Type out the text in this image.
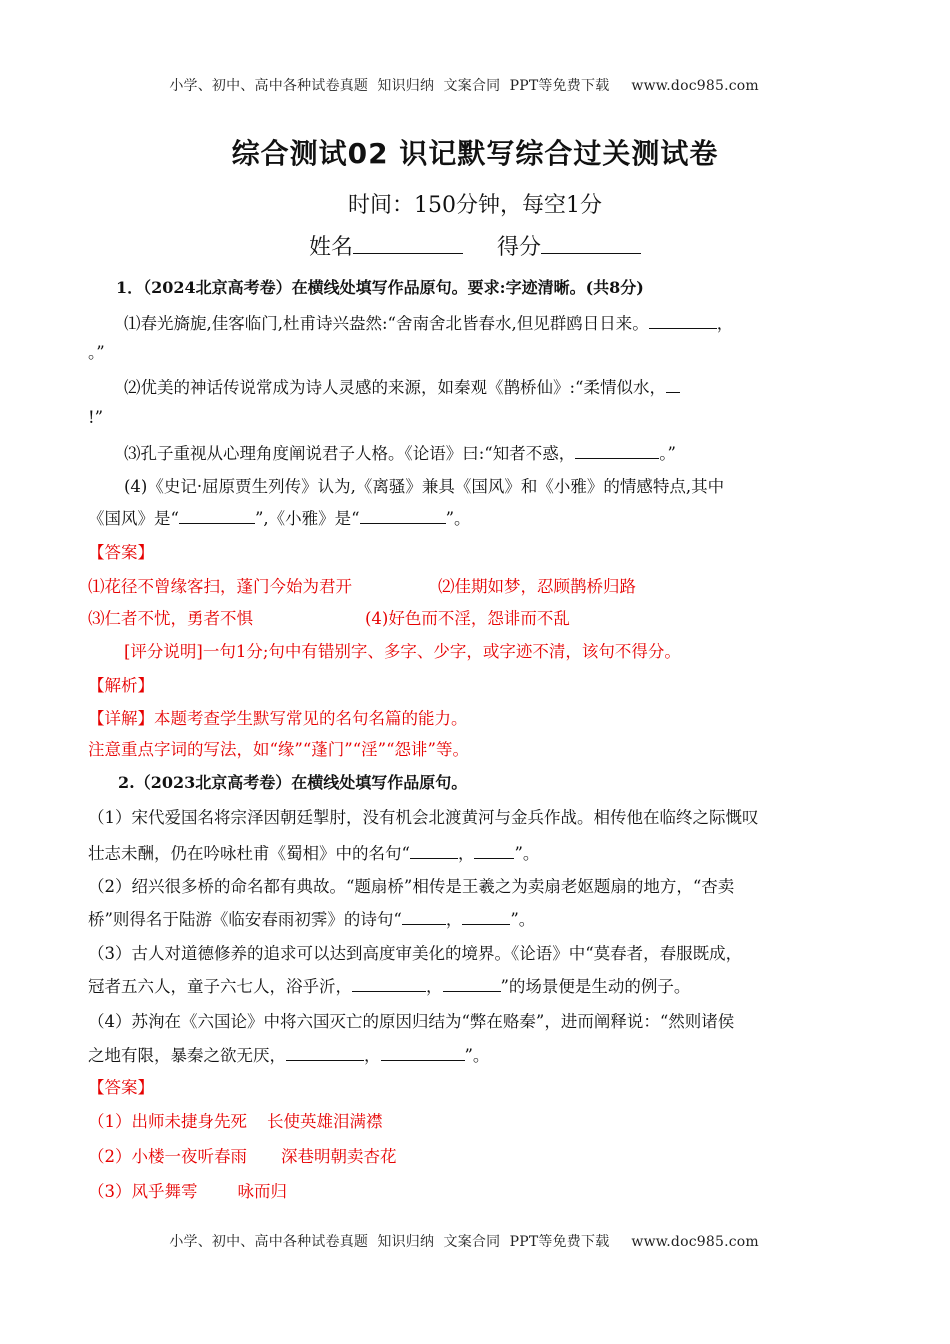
小学、初中、高中各种试卷真题  知识归纳  文案合同  PPT等免费下载 www.doc985.com

综合测试02 识记默写综合过关测试卷
时间：150分钟，每空1分
姓名	得分
1．（2024北京高考卷）在横线处填写作品原句。要求:字迹清晰。(共8分)
⑴春光旖旎,佳客临门,杜甫诗兴盎然:“舍南舍北皆春水,但见群鸥日日来。	，
。”
⑵优美的神话传说常成为诗人灵感的来源，如秦观《鹊桥仙》:“柔情似水，
!”
⑶孔子重视从心理角度阐说君子人格。《论语》曰:“知者不惑，	。”
(4)《史记·屈原贾生列传》认为,《离骚》兼具《国风》和《小雅》的情感特点,其中
《国风》是“	”,《小雅》是“	”。
【答案】
⑴花径不曾缘客扫，蓬门今始为君开	⑵佳期如梦，忍顾鹊桥归路
⑶仁者不忧，勇者不惧	(4)好色而不淫，怨诽而不乱
[评分说明]一句1分;句中有错别字、多字、少字，或字迹不清，该句不得分。
【解析】
【详解】本题考查学生默写常见的名句名篇的能力。
注意重点字词的写法，如“缘”“蓬门”“淫”“怨诽”等。
2.（2023北京高考卷）在横线处填写作品原句。
（1）宋代爱国名将宗泽因朝廷掣肘，没有机会北渡黄河与金兵作战。相传他在临终之际慨叹
壮志未酬，仍在吟咏杜甫《蜀相》中的名句“	， ”。
（2）绍兴很多桥的命名都有典故。“题扇桥”相传是王羲之为卖扇老妪题扇的地方，“杏卖
桥”则得名于陆游《临安春雨初霁》的诗句“	，	”。
（3）古人对道德修养的追求可以达到高度审美化的境界。《论语》中“莫春者，春服既成，
冠者五六人，童子六七人，浴乎沂，	，	”的场景便是生动的例子。
（4）苏洵在《六国论》中将六国灭亡的原因归结为“弊在赂秦”，进而阐释说：“然则诸侯
之地有限，暴秦之欲无厌，	，	”。
【答案】
（1）出师未捷身先死 长使英雄泪满襟
（2）小楼一夜听春雨 深巷明朝卖杏花
（3）风乎舞雩 咏而归

小学、初中、高中各种试卷真题  知识归纳  文案合同  PPT等免费下载 www.doc985.com
